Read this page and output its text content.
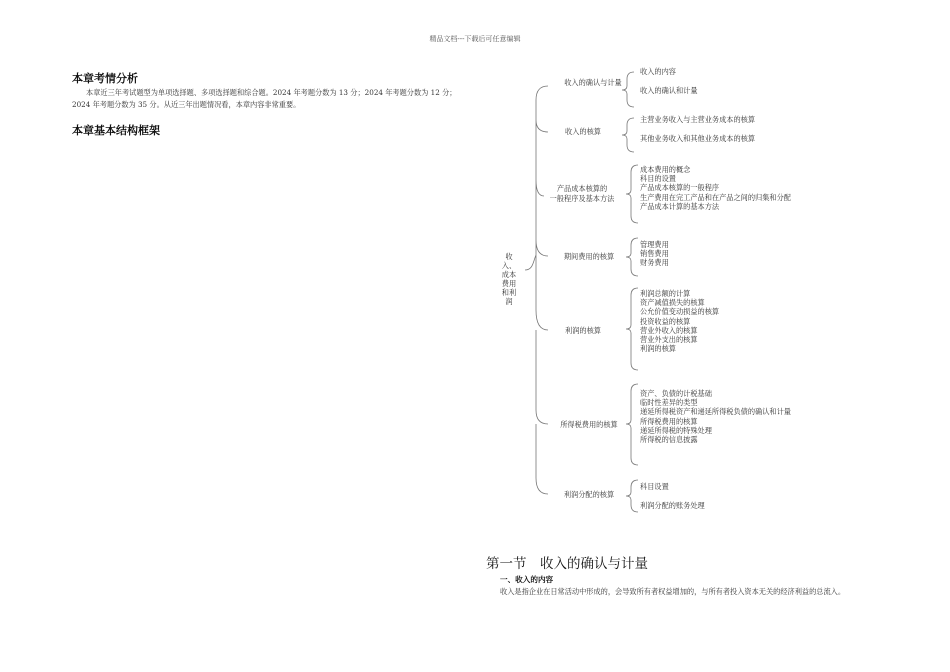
精品文档---下载后可任意编辑
本章考情分析
本章近三年考试题型为单项选择题、多项选择题和综合题。2024 年考题分数为 13 分；2024 年考题分数为 12 分；2024 年考题分数为 35 分。从近三年出题情况看，本章内容非常重要。
本章基本结构框架
收
入、
成本
费用
和利
润
收入的确认与计量
收入的内容
收入的确认和计量
收入的核算
主营业务收入与主营业务成本的核算
其他业务收入和其他业务成本的核算
产品成本核算的
一般程序及基本方法
成本费用的概念
科目的设置
产品成本核算的一般程序
生产费用在完工产品和在产品之间的归集和分配
产品成本计算的基本方法
期间费用的核算
管理费用
销售费用
财务费用
利润的核算
利润总额的计算
资产减值损失的核算
公允价值变动损益的核算
投资收益的核算
营业外收入的核算
营业外支出的核算
利润的核算
所得税费用的核算
资产、负债的计税基础
临时性差异的类型
递延所得税资产和递延所得税负债的确认和计量
所得税费用的核算
递延所得税的特殊处理
所得税的信息披露
利润分配的核算
科目设置
利润分配的账务处理
第一节　收入的确认与计量
一、收入的内容
收入是指企业在日常活动中形成的，会导致所有者权益增加的，与所有者投入资本无关的经济利益的总流入。
